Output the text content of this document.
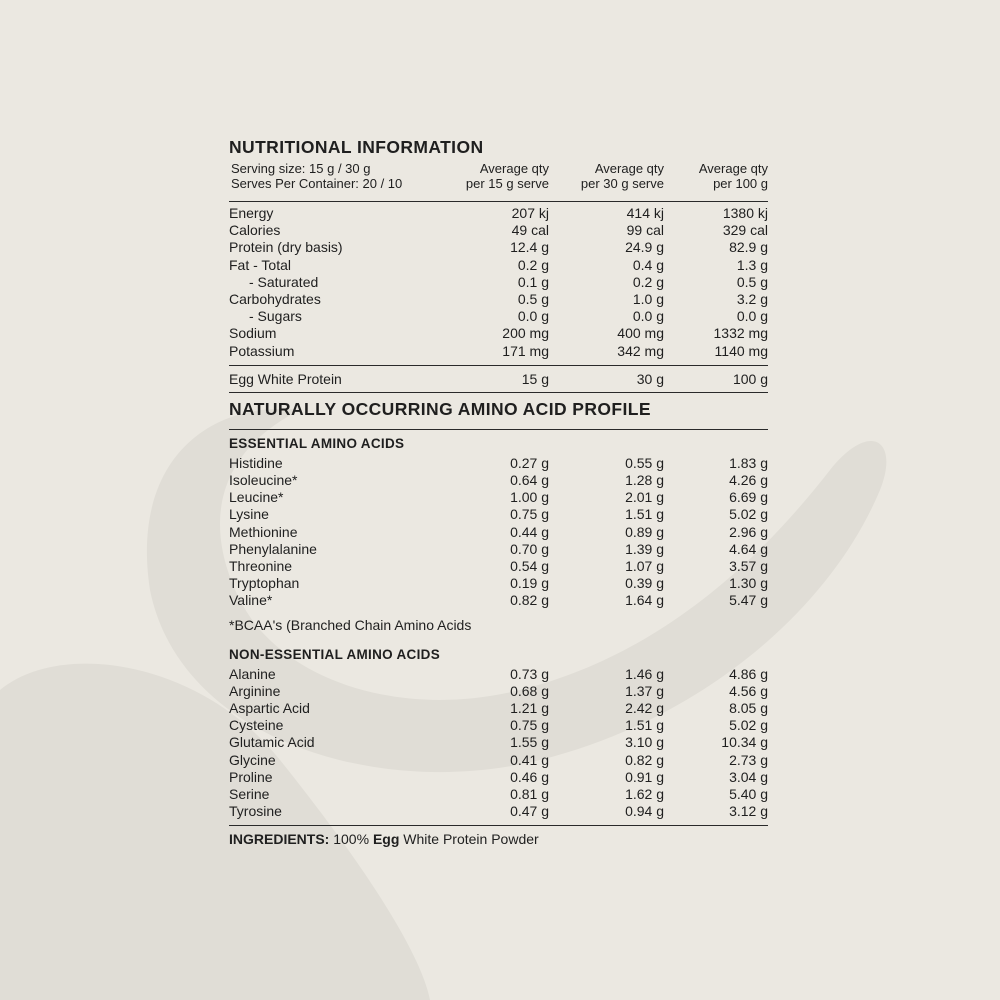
NUTRITIONAL INFORMATION
Serving size: 15 g / 30 g
Serves Per Container: 20 / 10
Average qty
per 15 g serve
Average qty
per 30 g serve
Average qty
per 100 g
Energy	207 kj	414 kj	1380 kj
Calories	49 cal	99 cal	329 cal
Protein (dry basis)	12.4 g	24.9 g	82.9 g
Fat - Total	0.2 g	0.4 g	1.3 g
- Saturated	0.1 g	0.2 g	0.5 g
Carbohydrates	0.5 g	1.0 g	3.2 g
- Sugars	0.0 g	0.0 g	0.0 g
Sodium	200 mg	400 mg	1332 mg
Potassium	171 mg	342 mg	1140 mg
Egg White Protein	15 g	30 g	100 g
NATURALLY OCCURRING AMINO ACID PROFILE
ESSENTIAL AMINO ACIDS
Histidine	0.27 g	0.55 g	1.83 g
Isoleucine*	0.64 g	1.28 g	4.26 g
Leucine*	1.00 g	2.01 g	6.69 g
Lysine	0.75 g	1.51 g	5.02 g
Methionine	0.44 g	0.89 g	2.96 g
Phenylalanine	0.70 g	1.39 g	4.64 g
Threonine	0.54 g	1.07 g	3.57 g
Tryptophan	0.19 g	0.39 g	1.30 g
Valine*	0.82 g	1.64 g	5.47 g
*BCAA's (Branched Chain Amino Acids
NON-ESSENTIAL AMINO ACIDS
Alanine	0.73 g	1.46 g	4.86 g
Arginine	0.68 g	1.37 g	4.56 g
Aspartic Acid	1.21 g	2.42 g	8.05 g
Cysteine	0.75 g	1.51 g	5.02 g
Glutamic Acid	1.55 g	3.10 g	10.34 g
Glycine	0.41 g	0.82 g	2.73 g
Proline	0.46 g	0.91 g	3.04 g
Serine	0.81 g	1.62 g	5.40 g
Tyrosine	0.47 g	0.94 g	3.12 g
INGREDIENTS: 100% Egg White Protein Powder
